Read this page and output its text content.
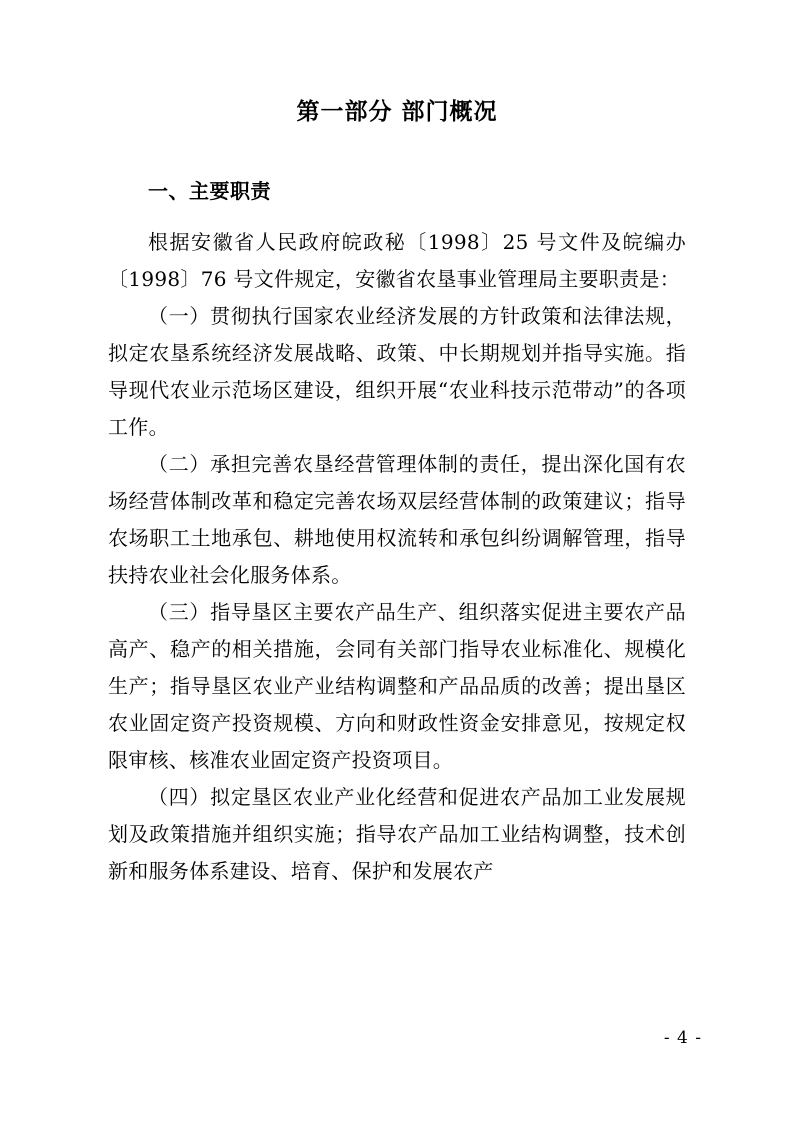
第一部分 部门概况
一、主要职责

根据安徽省人民政府皖政秘〔1998〕25 号文件及皖编办〔1998〕76 号文件规定，安徽省农垦事业管理局主要职责是：

（一）贯彻执行国家农业经济发展的方针政策和法律法规，拟定农垦系统经济发展战略、政策、中长期规划并指导实施。指导现代农业示范场区建设，组织开展“农业科技示范带动”的各项工作。

（二）承担完善农垦经营管理体制的责任，提出深化国有农场经营体制改革和稳定完善农场双层经营体制的政策建议；指导农场职工土地承包、耕地使用权流转和承包纠纷调解管理，指导扶持农业社会化服务体系。

（三）指导垦区主要农产品生产、组织落实促进主要农产品高产、稳产的相关措施，会同有关部门指导农业标准化、规模化生产；指导垦区农业产业结构调整和产品品质的改善；提出垦区农业固定资产投资规模、方向和财政性资金安排意见，按规定权限审核、核准农业固定资产投资项目。

（四）拟定垦区农业产业化经营和促进农产品加工业发展规划及政策措施并组织实施；指导农产品加工业结构调整，技术创新和服务体系建设、培育、保护和发展农产

- 4 -
